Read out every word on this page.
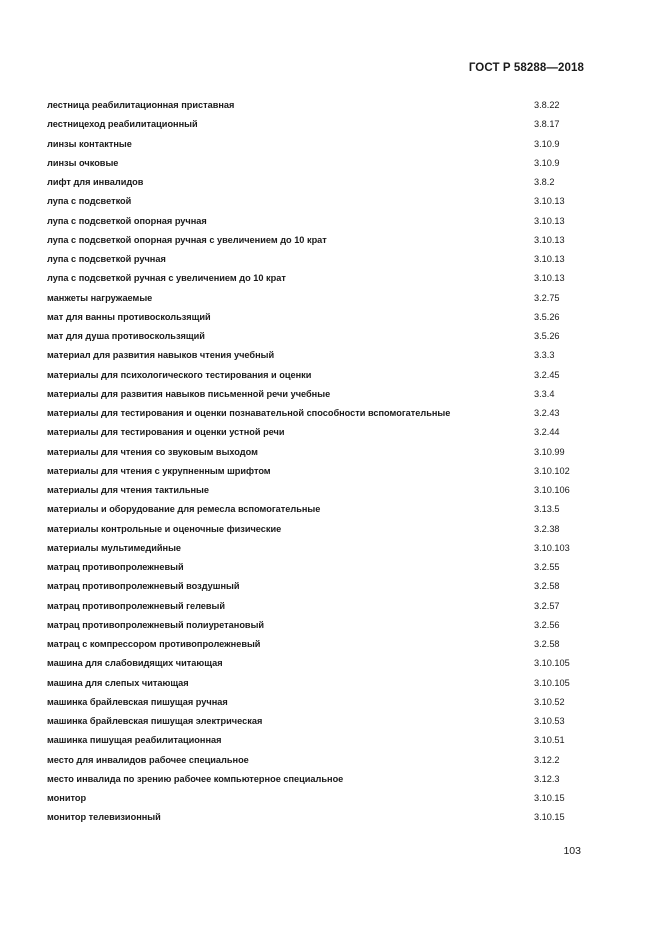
ГОСТ Р 58288—2018
лестница реабилитационная приставная	3.8.22
лестницеход реабилитационный	3.8.17
линзы контактные	3.10.9
линзы очковые	3.10.9
лифт для инвалидов	3.8.2
лупа с подсветкой	3.10.13
лупа с подсветкой опорная ручная	3.10.13
лупа с подсветкой опорная ручная с увеличением до 10 крат	3.10.13
лупа с подсветкой ручная	3.10.13
лупа с подсветкой ручная с увеличением до 10 крат	3.10.13
манжеты нагружаемые	3.2.75
мат для ванны противоскользящий	3.5.26
мат для душа противоскользящий	3.5.26
материал для развития навыков чтения учебный	3.3.3
материалы для психологического тестирования и оценки	3.2.45
материалы для развития навыков письменной речи учебные	3.3.4
материалы для тестирования и оценки познавательной способности вспомогательные	3.2.43
материалы для тестирования и оценки устной речи	3.2.44
материалы для чтения со звуковым выходом	3.10.99
материалы для чтения с укрупненным шрифтом	3.10.102
материалы для чтения тактильные	3.10.106
материалы и оборудование для ремесла вспомогательные	3.13.5
материалы контрольные и оценочные физические	3.2.38
материалы мультимедийные	3.10.103
матрац противопролежневый	3.2.55
матрац противопролежневый воздушный	3.2.58
матрац противопролежневый гелевый	3.2.57
матрац противопролежневый полиуретановый	3.2.56
матрац с компрессором противопролежневый	3.2.58
машина для слабовидящих читающая	3.10.105
машина для слепых читающая	3.10.105
машинка брайлевская пишущая ручная	3.10.52
машинка брайлевская пишущая электрическая	3.10.53
машинка пишущая реабилитационная	3.10.51
место для инвалидов рабочее специальное	3.12.2
место инвалида по зрению рабочее компьютерное специальное	3.12.3
монитор	3.10.15
монитор телевизионный	3.10.15
103
